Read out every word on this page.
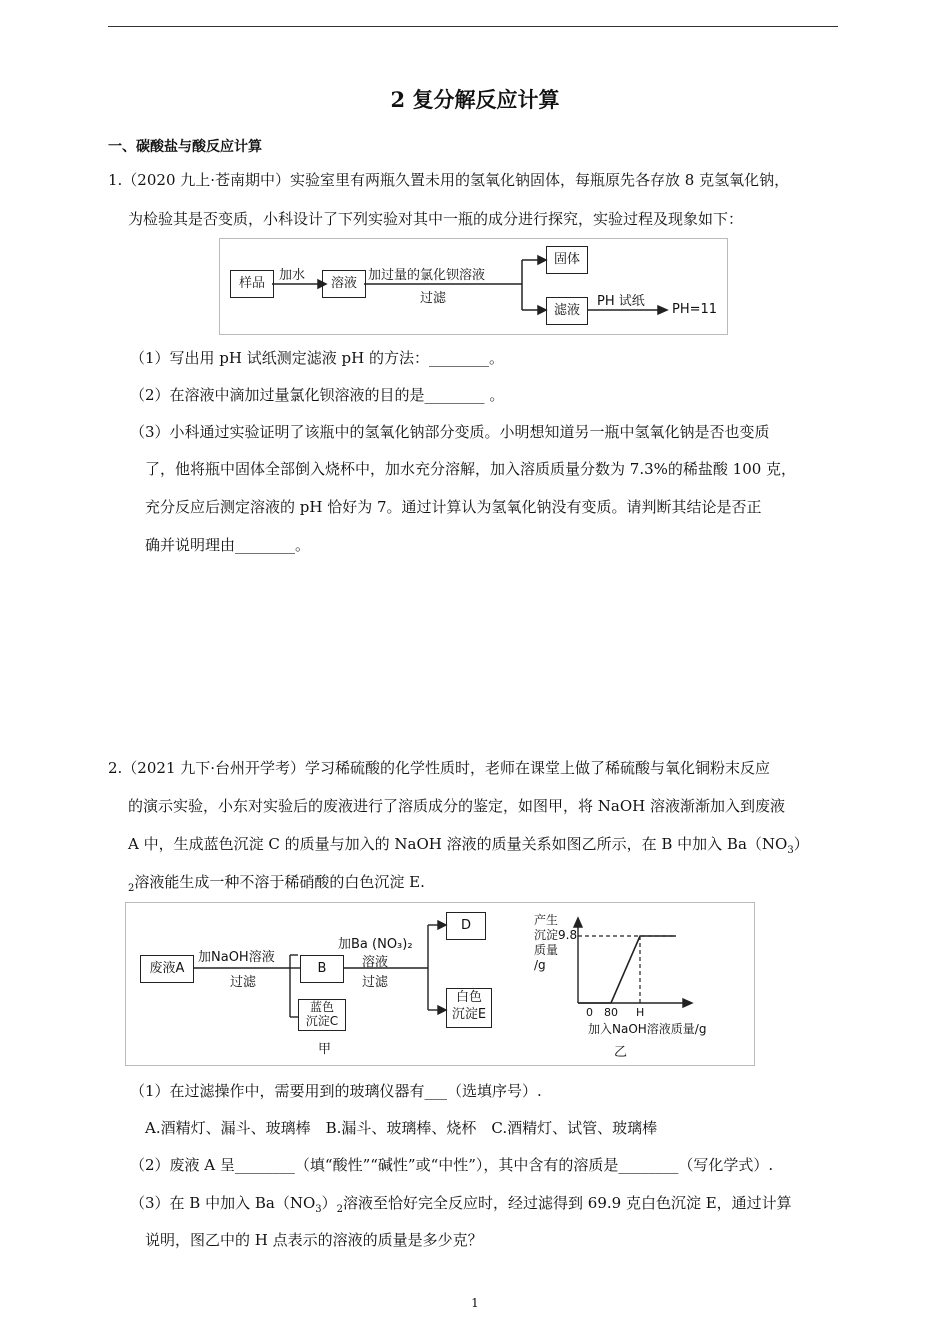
2 复分解反应计算
一、碳酸盐与酸反应计算
1.（2020 九上·苍南期中）实验室里有两瓶久置未用的氢氧化钠固体，每瓶原先各存放 8 克氢氧化钠，
为检验其是否变质，小科设计了下列实验对其中一瓶的成分进行探究，实验过程及现象如下：
样品
加水
溶液
加过量的氯化钡溶液
过滤
固体
滤液
PH 试纸
PH=11
（1）写出用 pH 试纸测定滤液 pH 的方法：________。
（2）在溶液中滴加过量氯化钡溶液的目的是________ 。
（3）小科通过实验证明了该瓶中的氢氧化钠部分变质。小明想知道另一瓶中氢氧化钠是否也变质
了，他将瓶中固体全部倒入烧杯中，加水充分溶解，加入溶质质量分数为 7.3%的稀盐酸 100 克，
充分反应后测定溶液的 pH 恰好为 7。通过计算认为氢氧化钠没有变质。请判断其结论是否正
确并说明理由________。
2.（2021 九下·台州开学考）学习稀硫酸的化学性质时，老师在课堂上做了稀硫酸与氧化铜粉末反应
的演示实验，小东对实验后的废液进行了溶质成分的鉴定，如图甲，将 NaOH 溶液渐渐加入到废液
A 中，生成蓝色沉淀 C 的质量与加入的 NaOH 溶液的质量关系如图乙所示，在 B 中加入 $Ba(NO_3)$
$_2$溶液能生成一种不溶于稀硝酸的白色沉淀 E.
废液A
加NaOH溶液
过滤
B
蓝色
沉淀C
加Ba (NO₃)₂
溶液
过滤
D
白色
沉淀E
甲
产生
沉淀9.8
质量
/g
0 80 H
加入NaOH溶液质量/g
乙
（1）在过滤操作中，需要用到的玻璃仪器有___（选填序号）.
A.酒精灯、漏斗、玻璃棒　B.漏斗、玻璃棒、烧杯　C.酒精灯、试管、玻璃棒
（2）废液 A 呈________（填“酸性”“碱性”或“中性”），其中含有的溶质是________（写化学式）.
（3）在 B 中加入 $Ba(NO_3)_2$溶液至恰好完全反应时，经过滤得到 69.9 克白色沉淀 E，通过计算
说明，图乙中的 H 点表示的溶液的质量是多少克？
1
